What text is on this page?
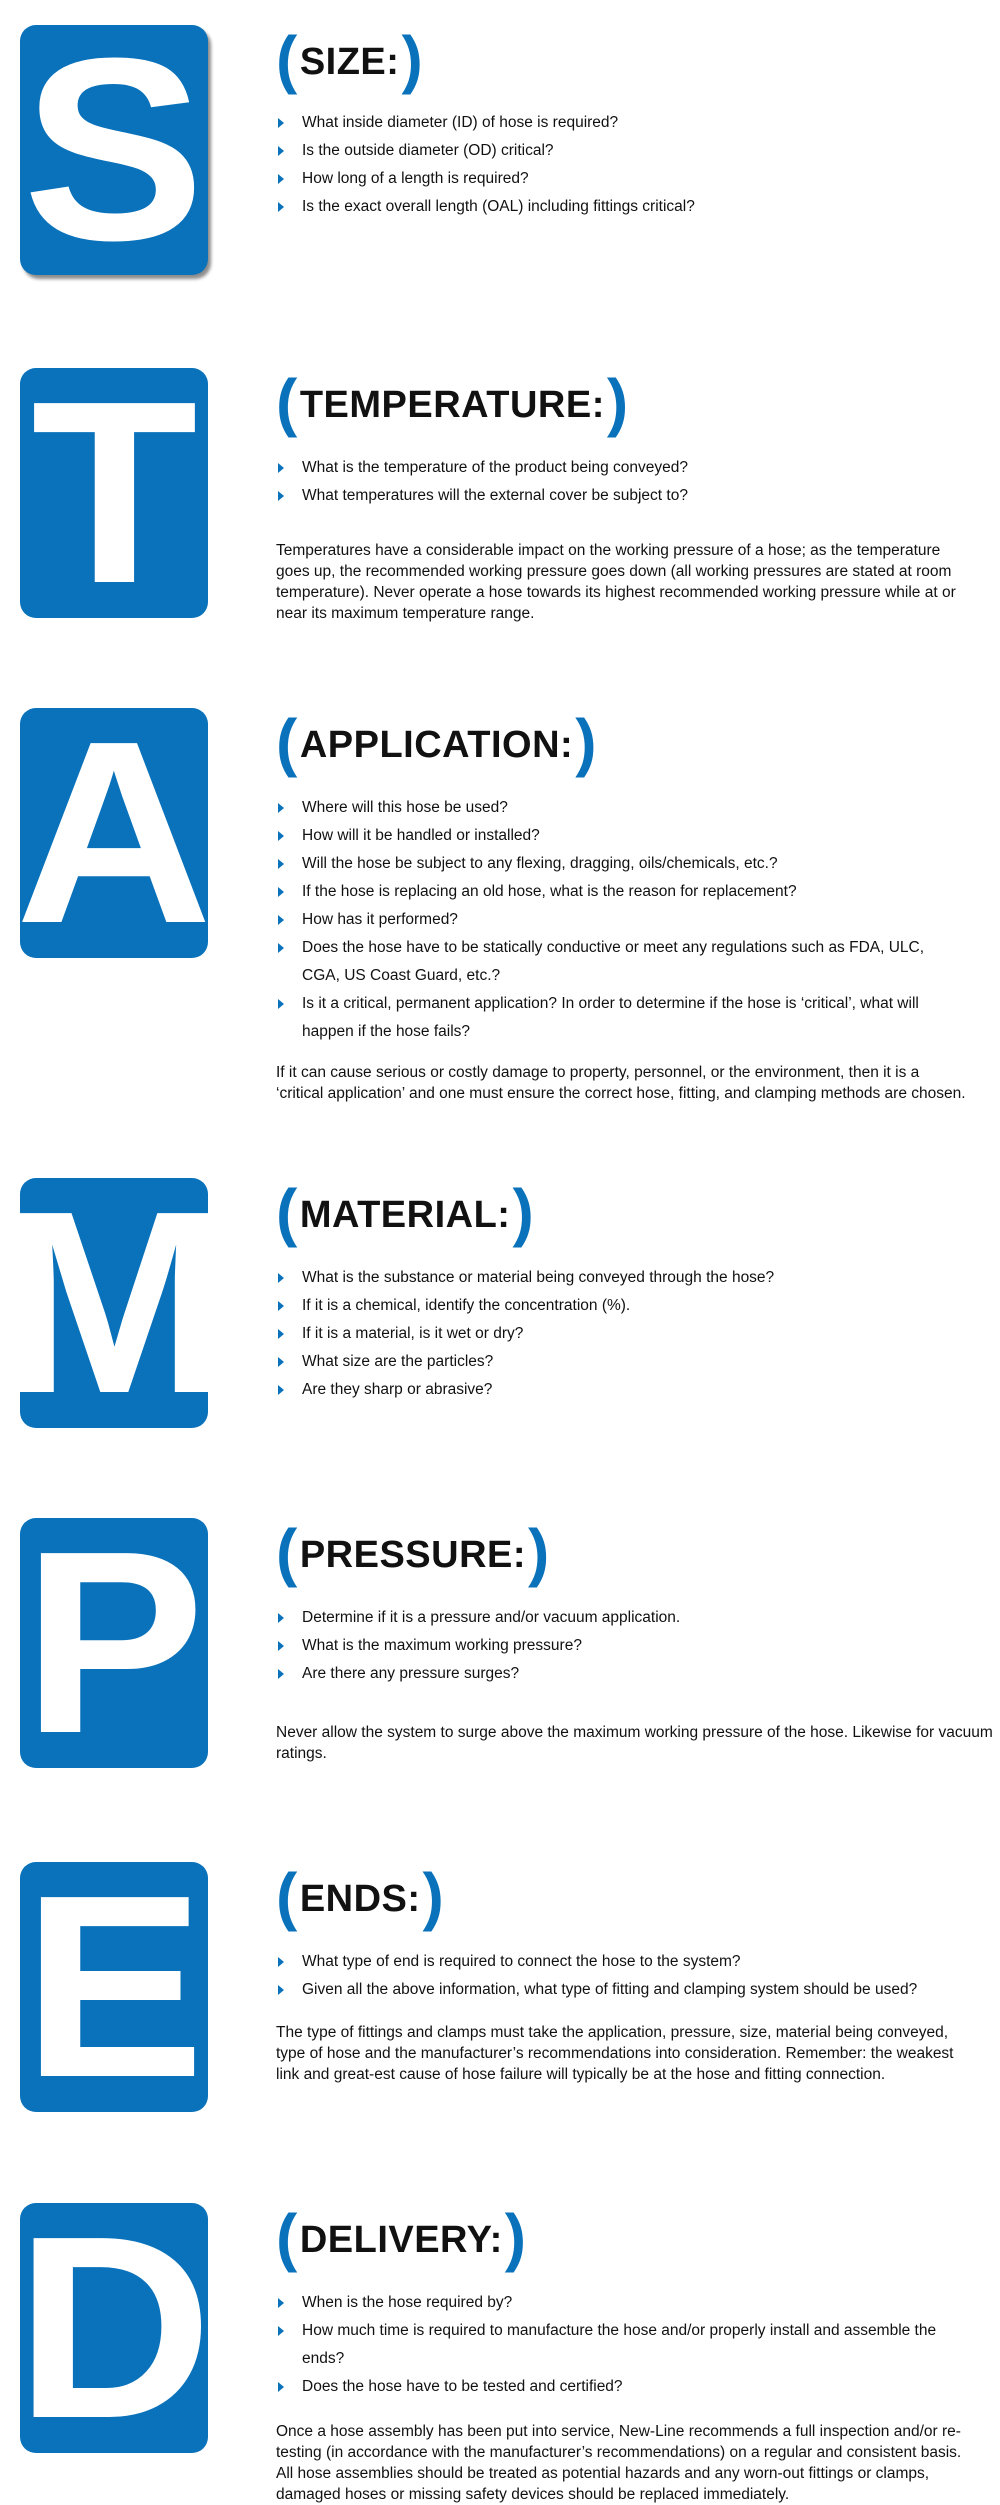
S ( SIZE: )
What inside diameter (ID) of hose is required?
Is the outside diameter (OD) critical?
How long of a length is required?
Is the exact overall length (OAL) including fittings critical?
T ( TEMPERATURE: )
What is the temperature of the product being conveyed?
What temperatures will the external cover be subject to?

Temperatures have a considerable impact on the working pressure of a hose; as the temperature goes up, the recommended working pressure goes down (all working pressures are stated at room temperature). Never operate a hose towards its highest recommended working pressure while at or near its maximum temperature range.

A ( APPLICATION: )
Where will this hose be used?
How will it be handled or installed?
Will the hose be subject to any flexing, dragging, oils/chemicals, etc.?
If the hose is replacing an old hose, what is the reason for replacement?
How has it performed?
Does the hose have to be statically conductive or meet any regulations such as FDA, ULC, CGA, US Coast Guard, etc.?
Is it a critical, permanent application? In order to determine if the hose is ‘critical’, what will happen if the hose fails?

If it can cause serious or costly damage to property, personnel, or the environment, then it is a ‘critical application’ and one must ensure the correct hose, fitting, and clamping methods are chosen.

M ( MATERIAL: )
What is the substance or material being conveyed through the hose?
If it is a chemical, identify the concentration (%).
If it is a material, is it wet or dry?
What size are the particles?
Are they sharp or abrasive?
P ( PRESSURE: )
Determine if it is a pressure and/or vacuum application.
What is the maximum working pressure?
Are there any pressure surges?

Never allow the system to surge above the maximum working pressure of the hose. Likewise for vacuum ratings.

E ( ENDS: )
What type of end is required to connect the hose to the system?
Given all the above information, what type of fitting and clamping system should be used?

The type of fittings and clamps must take the application, pressure, size, material being conveyed, type of hose and the manufacturer’s recommendations into consideration. Remember: the weakest link and great-est cause of hose failure will typically be at the hose and fitting connection.

D ( DELIVERY: )
When is the hose required by?
How much time is required to manufacture the hose and/or properly install and assemble the ends?
Does the hose have to be tested and certified?

Once a hose assembly has been put into service, New-Line recommends a full inspection and/or re-testing (in accordance with the manufacturer’s recommendations) on a regular and consistent basis. All hose assemblies should be treated as potential hazards and any worn-out fittings or clamps, damaged hoses or missing safety devices should be replaced immediately.
